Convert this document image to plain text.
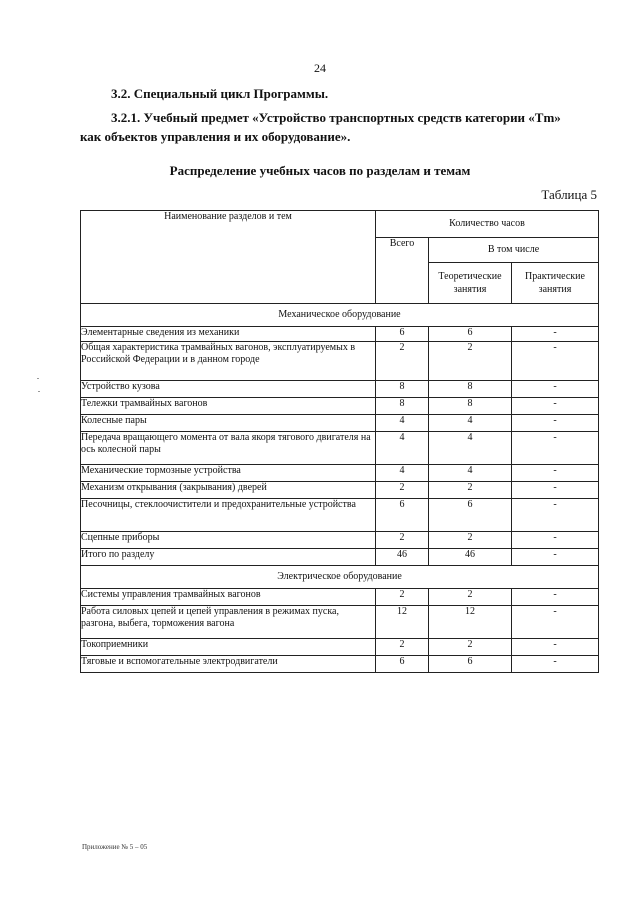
24
3.2. Специальный цикл Программы.
3.2.1. Учебный предмет «Устройство транспортных средств категории «Tm» как объектов управления и их оборудование».
Распределение учебных часов по разделам и темам
Таблица 5
Наименование разделов и тем	Количество часов		
	Всего	В том числе	
		Теоретические занятия	Практические занятия
Механическое оборудование			
Элементарные сведения из механики	6	6	-
Общая характеристика трамвайных вагонов, эксплуатируемых в Российской Федерации и в данном городе	2	2	-
Устройство кузова	8	8	-
Тележки трамвайных вагонов	8	8	-
Колесные пары	4	4	-
Передача вращающего момента от вала якоря тягового двигателя на ось колесной пары	4	4	-
Механические тормозные устройства	4	4	-
Механизм открывания (закрывания) дверей	2	2	-
Песочницы, стеклоочистители и предохранительные устройства	6	6	-
Сцепные приборы	2	2	-
Итого по разделу	46	46	-
Электрическое оборудование			
Системы управления трамвайных вагонов	2	2	-
Работа силовых цепей и цепей управления в режимах пуска, разгона, выбега, торможения вагона	12	12	-
Токоприемники	2	2	-
Тяговые и вспомогательные электродвигатели	6	6	-
Приложение № 5 – 05
